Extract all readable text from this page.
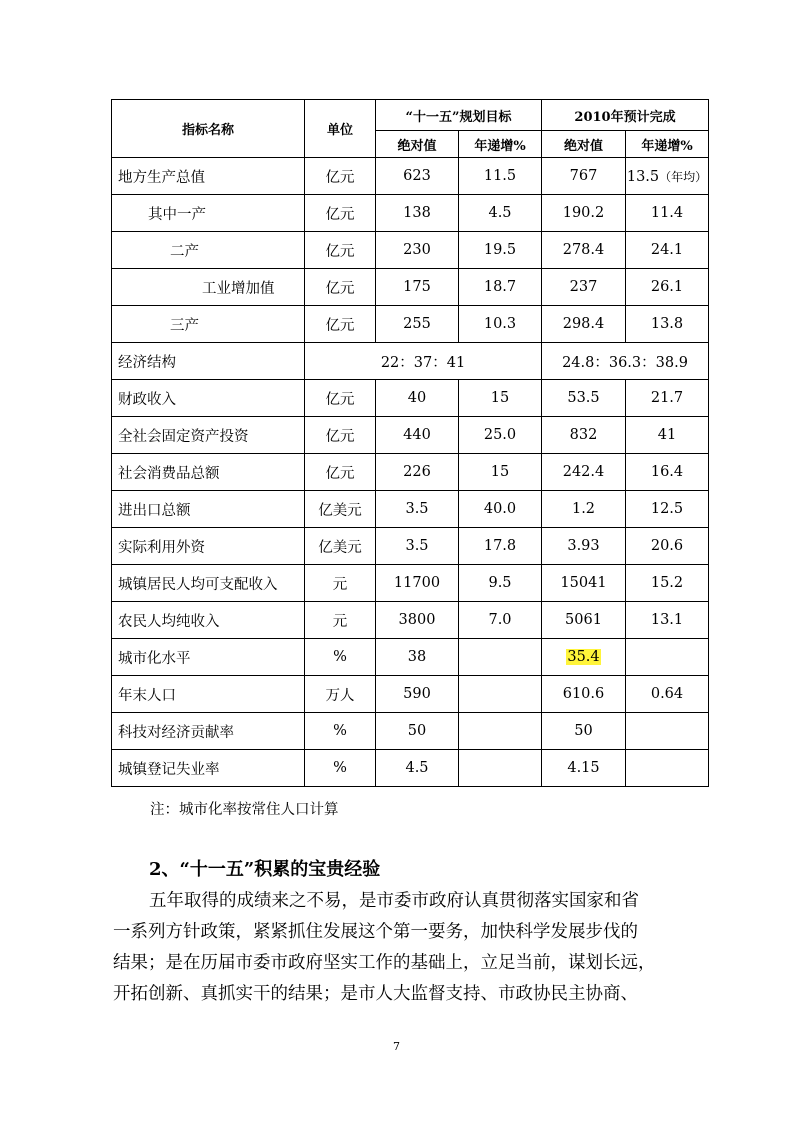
指标名称	单位	“十一五”规划目标		2010年预计完成	
		绝对值	年递增%	绝对值	年递增%
地方生产总值	亿元	623	11.5	767	13.5（年均）
其中一产	亿元	138	4.5	190.2	11.4
二产	亿元	230	19.5	278.4	24.1
工业增加值	亿元	175	18.7	237	26.1
三产	亿元	255	10.3	298.4	13.8
经济结构	22：37：41			24.8：36.3：38.9	
财政收入	亿元	40	15	53.5	21.7
全社会固定资产投资	亿元	440	25.0	832	41
社会消费品总额	亿元	226	15	242.4	16.4
进出口总额	亿美元	3.5	40.0	1.2	12.5
实际利用外资	亿美元	3.5	17.8	3.93	20.6
城镇居民人均可支配收入	元	11700	9.5	15041	15.2
农民人均纯收入	元	3800	7.0	5061	13.1
城市化水平	%	38		35.4	
年末人口	万人	590		610.6	0.64
科技对经济贡献率	%	50		50	
城镇登记失业率	%	4.5		4.15	
注：城市化率按常住人口计算
2、“十一五”积累的宝贵经验
五年取得的成绩来之不易，是市委市政府认真贯彻落实国家和省
一系列方针政策，紧紧抓住发展这个第一要务，加快科学发展步伐的
结果；是在历届市委市政府坚实工作的基础上，立足当前，谋划长远，
开拓创新、真抓实干的结果；是市人大监督支持、市政协民主协商、
7
